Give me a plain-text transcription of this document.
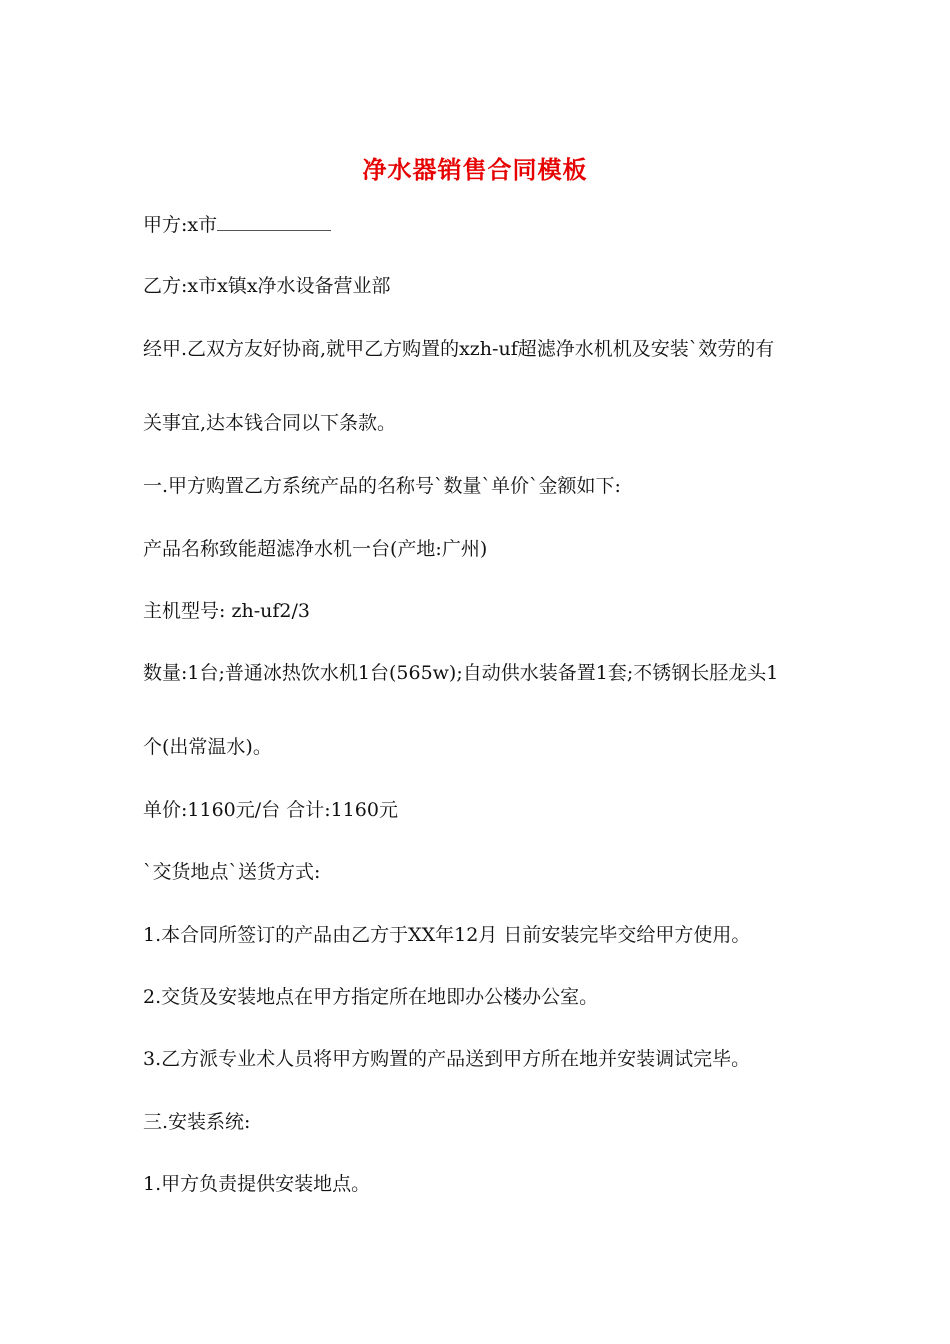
净水器销售合同模板
甲方:x市
乙方:x市x镇x净水设备营业部
经甲.乙双方友好协商,就甲乙方购置的xzh-uf超滤净水机机及安装`效劳的有
关事宜,达本钱合同以下条款。
一.甲方购置乙方系统产品的名称号`数量`单价`金额如下:
产品名称致能超滤净水机一台(产地:广州)
主机型号: zh-uf2/3
数量:1台;普通冰热饮水机1台(565w);自动供水装备置1套;不锈钢长胫龙头1
个(出常温水)。
单价:1160元/台 合计:1160元
`交货地点`送货方式:
1.本合同所签订的产品由乙方于XX年12月 日前安装完毕交给甲方使用。
2.交货及安装地点在甲方指定所在地即办公楼办公室。
3.乙方派专业术人员将甲方购置的产品送到甲方所在地并安装调试完毕。
三.安装系统:
1.甲方负责提供安装地点。
